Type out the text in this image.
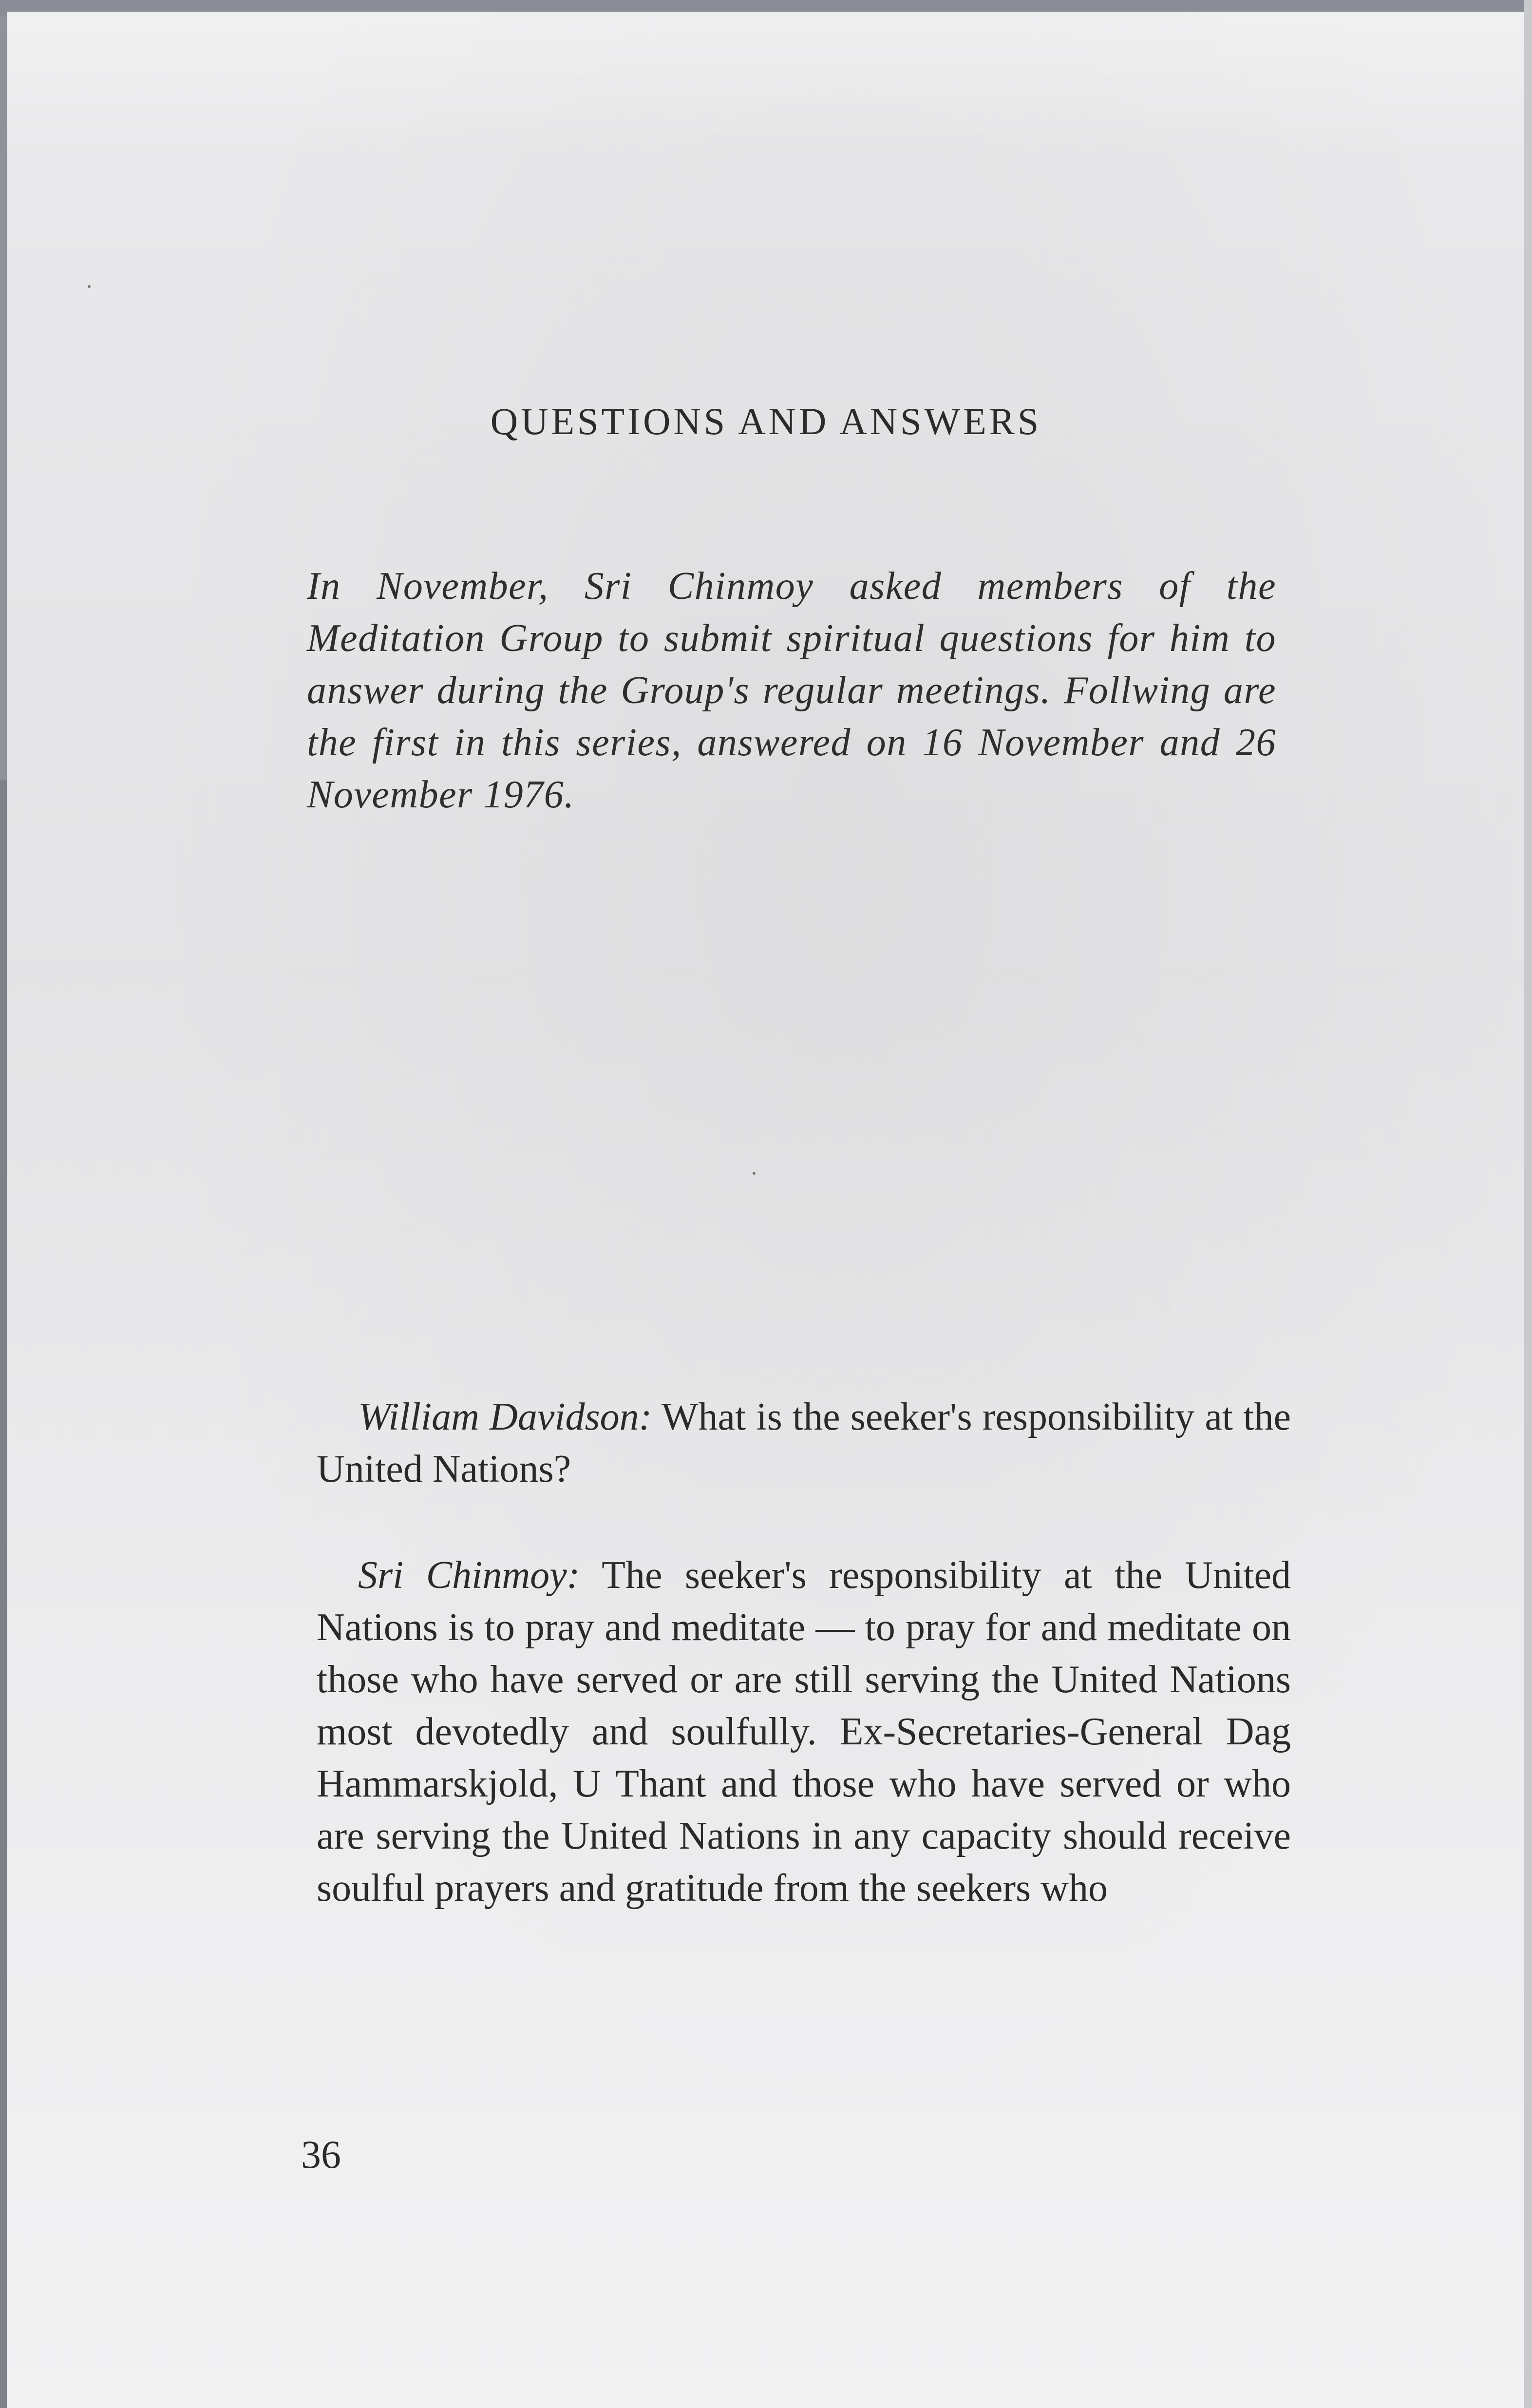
QUESTIONS AND ANSWERS
In November, Sri Chinmoy asked members of the Meditation Group to submit spiritual questions for him to answer during the Group's regular meetings. Follwing are the first in this series, answered on 16 November and 26 November 1976.

William Davidson: What is the seeker's responsibility at the United Nations?

Sri Chinmoy: The seeker's responsibility at the United Nations is to pray and meditate — to pray for and meditate on those who have served or are still serving the United Nations most devotedly and soulfully. Ex-Secretaries-General Dag Hammarskjold, U Thant and those who have served or who are serving the United Nations in any capacity should receive soulful prayers and gratitude from the seekers who

36
